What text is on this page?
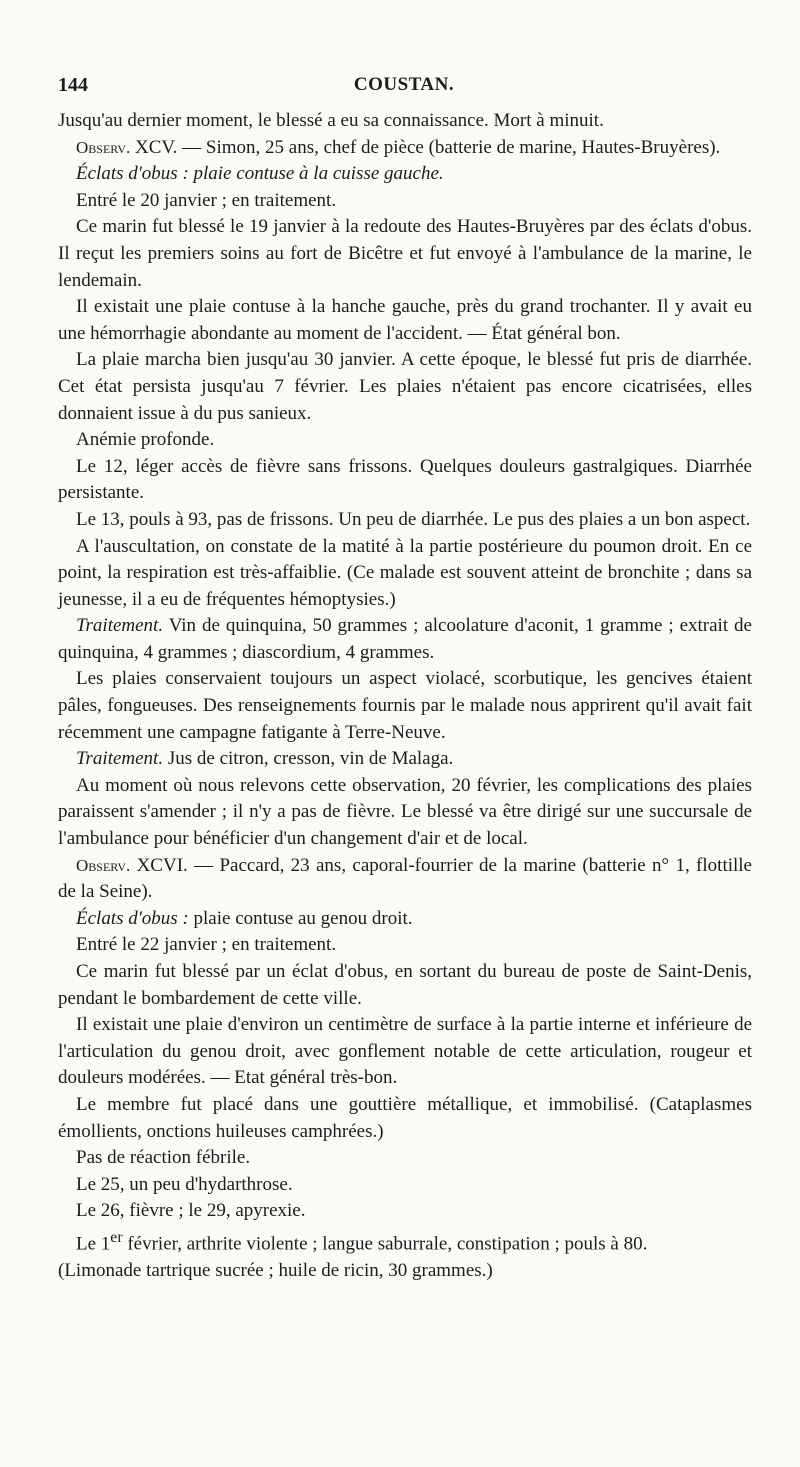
144	COUSTAN.

Jusqu'au dernier moment, le blessé a eu sa connaissance. Mort à minuit.

Observ. XCV. — Simon, 25 ans, chef de pièce (batterie de marine, Hautes-Bruyères).

Éclats d'obus : plaie contuse à la cuisse gauche.

Entré le 20 janvier ; en traitement.

Ce marin fut blessé le 19 janvier à la redoute des Hautes-Bruyères par des éclats d'obus. Il reçut les premiers soins au fort de Bicêtre et fut envoyé à l'ambulance de la marine, le lendemain.

Il existait une plaie contuse à la hanche gauche, près du grand trochanter. Il y avait eu une hémorrhagie abondante au moment de l'accident. — État général bon.

La plaie marcha bien jusqu'au 30 janvier. A cette époque, le blessé fut pris de diarrhée. Cet état persista jusqu'au 7 février. Les plaies n'étaient pas encore cicatrisées, elles donnaient issue à du pus sanieux.

Anémie profonde.

Le 12, léger accès de fièvre sans frissons. Quelques douleurs gastralgiques. Diarrhée persistante.

Le 13, pouls à 93, pas de frissons. Un peu de diarrhée. Le pus des plaies a un bon aspect.

A l'auscultation, on constate de la matité à la partie postérieure du poumon droit. En ce point, la respiration est très-affaiblie. (Ce malade est souvent atteint de bronchite ; dans sa jeunesse, il a eu de fréquentes hémoptysies.)

Traitement. Vin de quinquina, 50 grammes ; alcoolature d'aconit, 1 gramme ; extrait de quinquina, 4 grammes ; diascordium, 4 grammes.

Les plaies conservaient toujours un aspect violacé, scorbutique, les gencives étaient pâles, fongueuses. Des renseignements fournis par le malade nous apprirent qu'il avait fait récemment une campagne fatigante à Terre-Neuve.

Traitement. Jus de citron, cresson, vin de Malaga.

Au moment où nous relevons cette observation, 20 février, les complications des plaies paraissent s'amender ; il n'y a pas de fièvre. Le blessé va être dirigé sur une succursale de l'ambulance pour bénéficier d'un changement d'air et de local.

Observ. XCVI. — Paccard, 23 ans, caporal-fourrier de la marine (batterie n° 1, flottille de la Seine).

Éclats d'obus : plaie contuse au genou droit.

Entré le 22 janvier ; en traitement.

Ce marin fut blessé par un éclat d'obus, en sortant du bureau de poste de Saint-Denis, pendant le bombardement de cette ville.

Il existait une plaie d'environ un centimètre de surface à la partie interne et inférieure de l'articulation du genou droit, avec gonflement notable de cette articulation, rougeur et douleurs modérées. — Etat général très-bon.

Le membre fut placé dans une gouttière métallique, et immobilisé. (Cataplasmes émollients, onctions huileuses camphrées.)

Pas de réaction fébrile.

Le 25, un peu d'hydarthrose.

Le 26, fièvre ; le 29, apyrexie.

Le 1er février, arthrite violente ; langue saburrale, constipation ; pouls à 80.

(Limonade tartrique sucrée ; huile de ricin, 30 grammes.)
